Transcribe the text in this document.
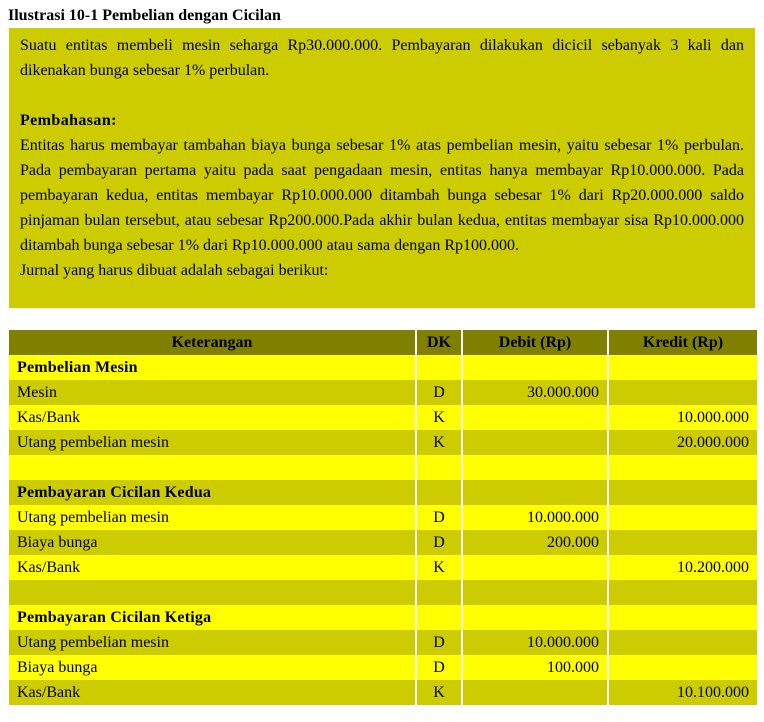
Ilustrasi 10-1 Pembelian dengan Cicilan

Suatu entitas membeli mesin seharga Rp30.000.000. Pembayaran dilakukan dicicil sebanyak 3 kali dan dikenakan bunga sebesar 1% perbulan.

Pembahasan:

Entitas harus membayar tambahan biaya bunga sebesar 1% atas pembelian mesin, yaitu sebesar 1% perbulan. Pada pembayaran pertama yaitu pada saat pengadaan mesin, entitas hanya membayar Rp10.000.000. Pada pembayaran kedua, entitas membayar Rp10.000.000 ditambah bunga sebesar 1% dari Rp20.000.000 saldo pinjaman bulan tersebut, atau sebesar Rp200.000.Pada akhir bulan kedua, entitas membayar sisa Rp10.000.000 ditambah bunga sebesar 1% dari Rp10.000.000 atau sama dengan Rp100.000.

Jurnal yang harus dibuat adalah sebagai berikut:

Keterangan	DK	Debit (Rp)	Kredit (Rp)
Pembelian Mesin			
Mesin	D	30.000.000	
Kas/Bank	K		10.000.000
Utang pembelian mesin	K		20.000.000

Pembayaran Cicilan Kedua			
Utang pembelian mesin	D	10.000.000	
Biaya bunga	D	200.000	
Kas/Bank	K		10.200.000

Pembayaran Cicilan Ketiga			
Utang pembelian mesin	D	10.000.000	
Biaya bunga	D	100.000	
Kas/Bank	K		10.100.000
